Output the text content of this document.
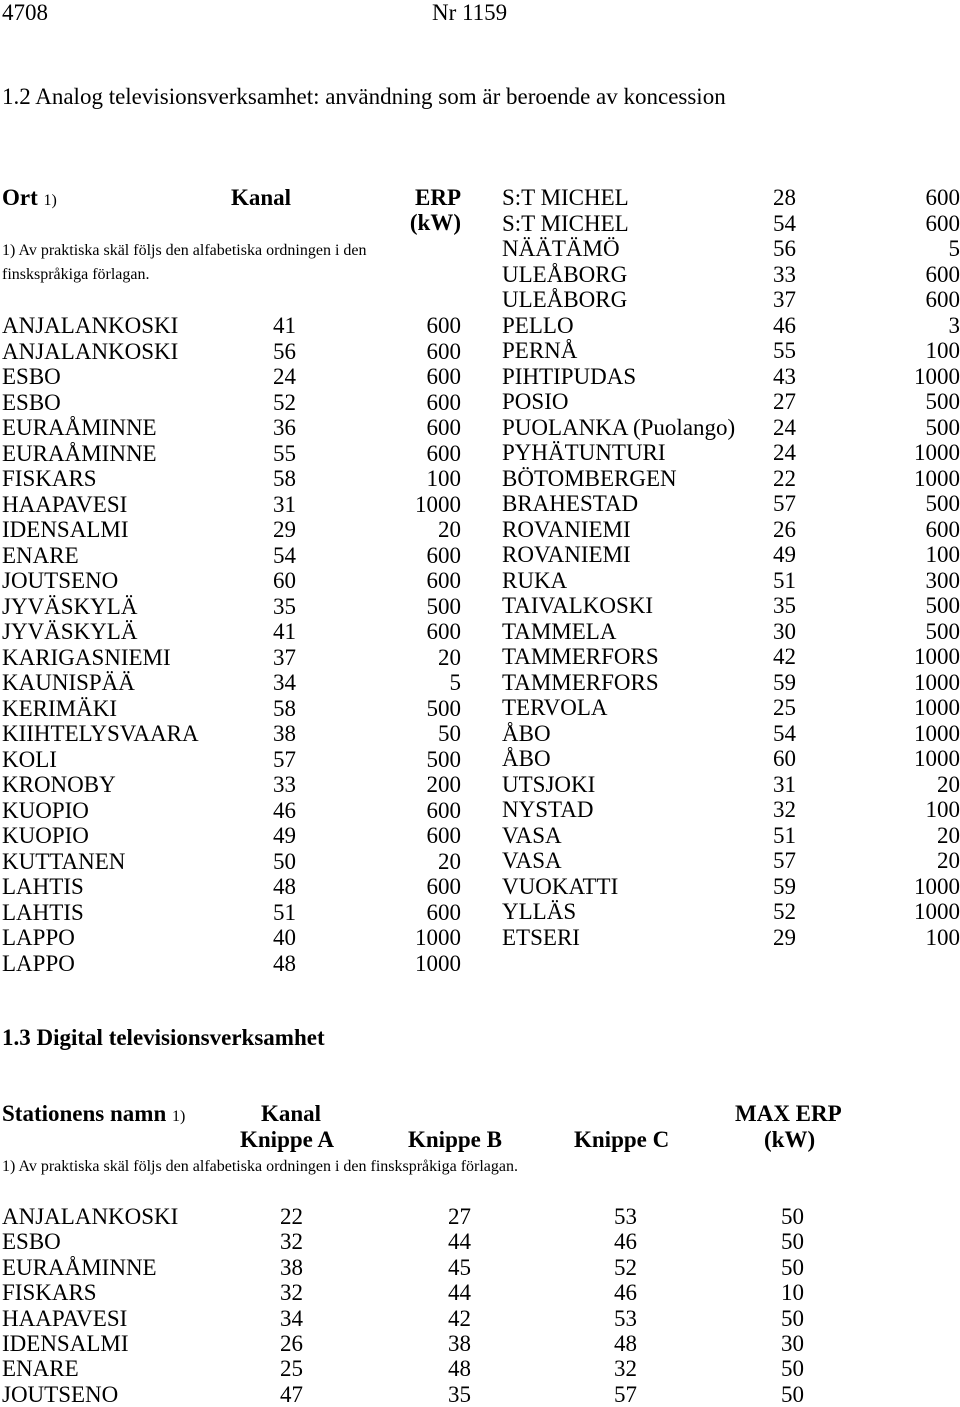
4708	Nr 1159
1.2 Analog televisionsverksamhet: användning som är beroende av koncession
Ort 1)	Kanal	ERP
(kW)
1) Av praktiska skäl följs den alfabetiska ordningen i den
finskspråkiga förlagan.
ANJALANKOSKI	41	600
ANJALANKOSKI	56	600
ESBO	24	600
ESBO	52	600
EURAÅMINNE	36	600
EURAÅMINNE	55	600
FISKARS	58	100
HAAPAVESI	31	1000
IDENSALMI	29	20
ENARE	54	600
JOUTSENO	60	600
JYVÄSKYLÄ	35	500
JYVÄSKYLÄ	41	600
KARIGASNIEMI	37	20
KAUNISPÄÄ	34	5
KERIMÄKI	58	500
KIIHTELYSVAARA	38	50
KOLI	57	500
KRONOBY	33	200
KUOPIO	46	600
KUOPIO	49	600
KUTTANEN	50	20
LAHTIS	48	600
LAHTIS	51	600
LAPPO	40	1000
LAPPO	48	1000
S:T MICHEL	28	600
S:T MICHEL	54	600
NÄÄTÄMÖ	56	5
ULEÅBORG	33	600
ULEÅBORG	37	600
PELLO	46	3
PERNÅ	55	100
PIHTIPUDAS	43	1000
POSIO	27	500
PUOLANKA (Puolango) 24	500
PYHÄTUNTURI	24	1000
BÖTOMBERGEN	22	1000
BRAHESTAD	57	500
ROVANIEMI	26	600
ROVANIEMI	49	100
RUKA	51	300
TAIVALKOSKI	35	500
TAMMELA	30	500
TAMMERFORS	42	1000
TAMMERFORS	59	1000
TERVOLA	25	1000
ÅBO	54	1000
ÅBO	60	1000
UTSJOKI	31	20
NYSTAD	32	100
VASA	51	20
VASA	57	20
VUOKATTI	59	1000
YLLÄS	52	1000
ETSERI	29	100
1.3 Digital televisionsverksamhet
Stationens namn 1)	Kanal	MAX ERP
Knippe A	Knippe B	Knippe C	(kW)
1) Av praktiska skäl följs den alfabetiska ordningen i den finskspråkiga förlagan.
ANJALANKOSKI	22	27	53	50
ESBO	32	44	46	50
EURAÅMINNE	38	45	52	50
FISKARS	32	44	46	10
HAAPAVESI	34	42	53	50
IDENSALMI	26	38	48	30
ENARE	25	48	32	50
JOUTSENO	47	35	57	50
